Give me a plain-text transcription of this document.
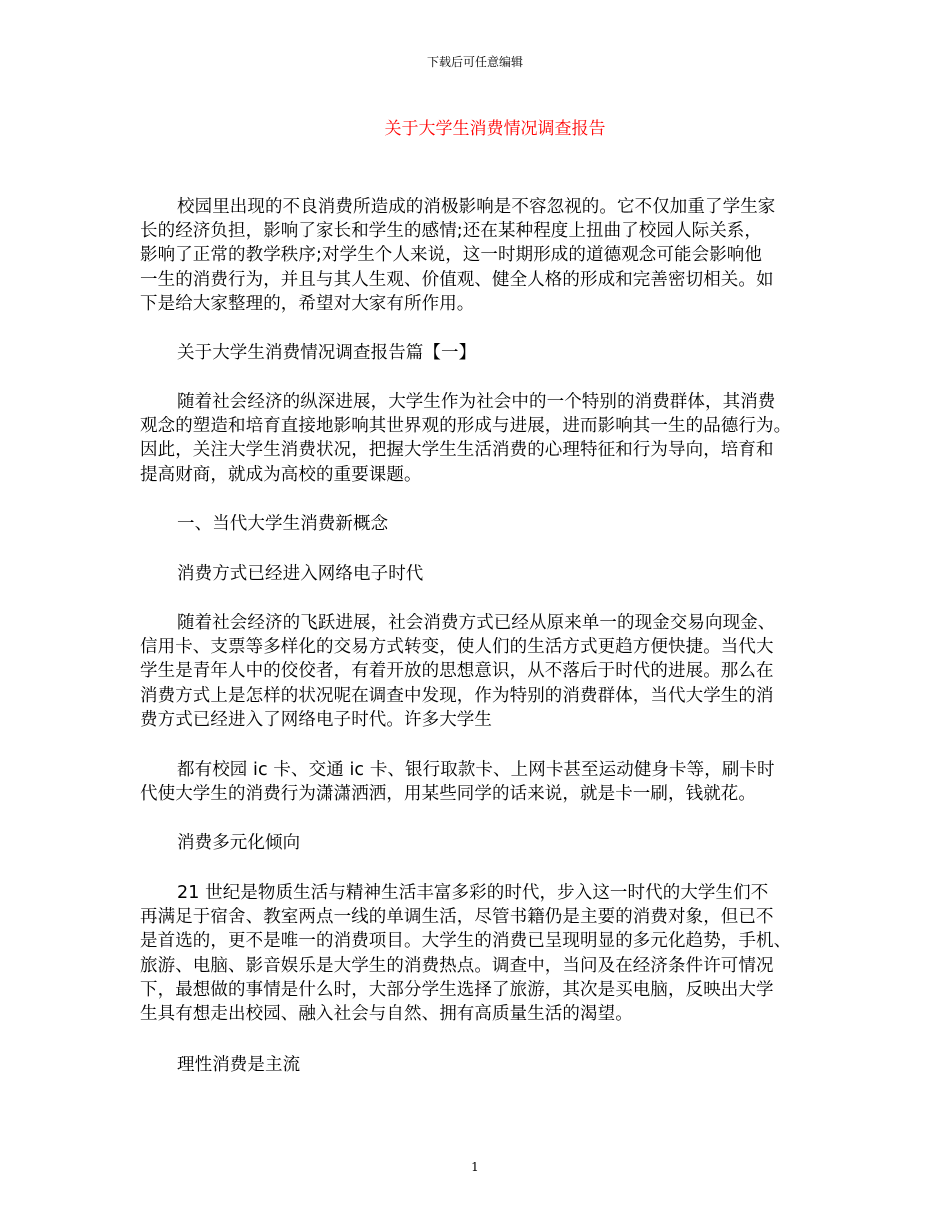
下载后可任意编辑
关于大学生消费情况调查报告
校园里出现的不良消费所造成的消极影响是不容忽视的。它不仅加重了学生家
长的经济负担，影响了家长和学生的感情;还在某种程度上扭曲了校园人际关系，
影响了正常的教学秩序;对学生个人来说，这一时期形成的道德观念可能会影响他
一生的消费行为，并且与其人生观、价值观、健全人格的形成和完善密切相关。如
下是给大家整理的，希望对大家有所作用。
关于大学生消费情况调查报告篇【一】
随着社会经济的纵深进展，大学生作为社会中的一个特别的消费群体，其消费
观念的塑造和培育直接地影响其世界观的形成与进展，进而影响其一生的品德行为。
因此，关注大学生消费状况，把握大学生生活消费的心理特征和行为导向，培育和
提高财商，就成为高校的重要课题。
一、当代大学生消费新概念
消费方式已经进入网络电子时代
随着社会经济的飞跃进展，社会消费方式已经从原来单一的现金交易向现金、
信用卡、支票等多样化的交易方式转变，使人们的生活方式更趋方便快捷。当代大
学生是青年人中的佼佼者，有着开放的思想意识，从不落后于时代的进展。那么在
消费方式上是怎样的状况呢在调查中发现，作为特别的消费群体，当代大学生的消
费方式已经进入了网络电子时代。许多大学生
都有校园 ic 卡、交通 ic 卡、银行取款卡、上网卡甚至运动健身卡等，刷卡时
代使大学生的消费行为潇潇洒洒，用某些同学的话来说，就是卡一刷，钱就花。
消费多元化倾向
21 世纪是物质生活与精神生活丰富多彩的时代，步入这一时代的大学生们不
再满足于宿舍、教室两点一线的单调生活，尽管书籍仍是主要的消费对象，但已不
是首选的，更不是唯一的消费项目。大学生的消费已呈现明显的多元化趋势，手机、
旅游、电脑、影音娱乐是大学生的消费热点。调查中，当问及在经济条件许可情况
下，最想做的事情是什么时，大部分学生选择了旅游，其次是买电脑，反映出大学
生具有想走出校园、融入社会与自然、拥有高质量生活的渴望。
理性消费是主流
1
